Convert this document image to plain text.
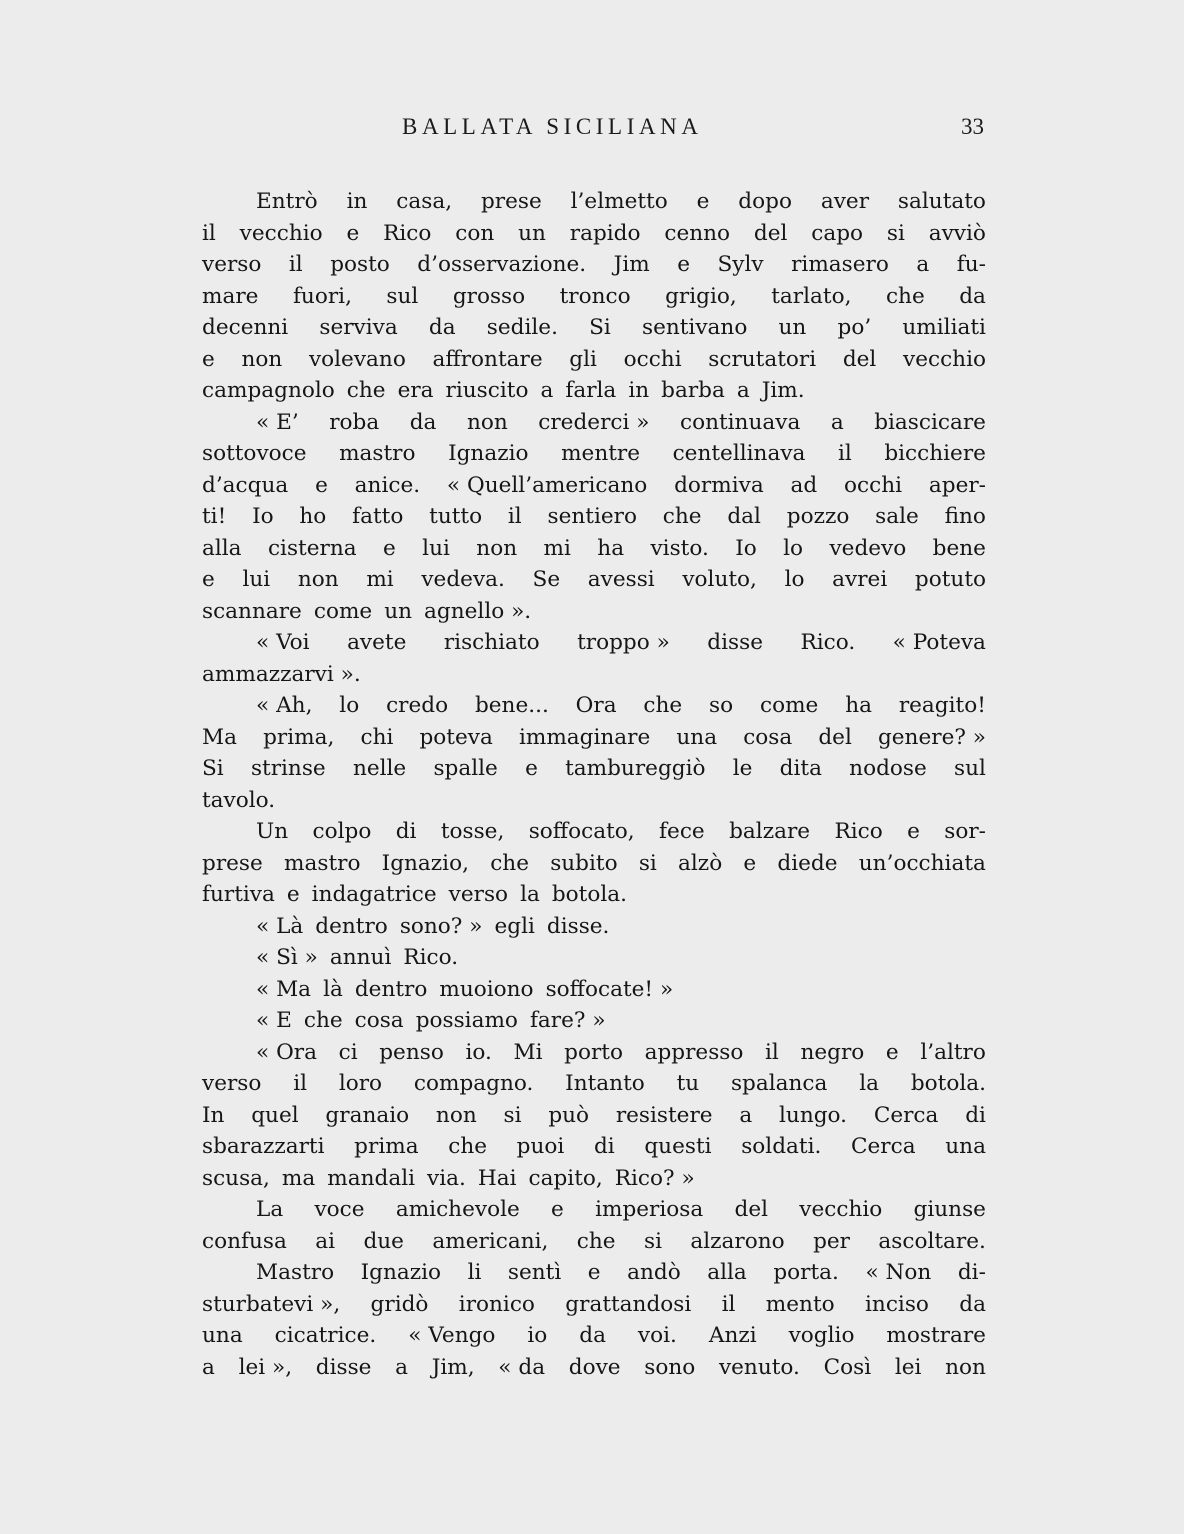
BALLATA SICILIANA	33
Entrò in casa, prese l’elmetto e dopo aver salutato
il vecchio e Rico con un rapido cenno del capo si avviò
verso il posto d’osservazione. Jim e Sylv rimasero a fu-
mare fuori, sul grosso tronco grigio, tarlato, che da
decenni serviva da sedile. Si sentivano un po’ umiliati
e non volevano affrontare gli occhi scrutatori del vecchio
campagnolo che era riuscito a farla in barba a Jim.
« E’ roba da non crederci » continuava a biascicare
sottovoce mastro Ignazio mentre centellinava il bicchiere
d’acqua e anice. « Quell’americano dormiva ad occhi aper-
ti! Io ho fatto tutto il sentiero che dal pozzo sale fino
alla cisterna e lui non mi ha visto. Io lo vedevo bene
e lui non mi vedeva. Se avessi voluto, lo avrei potuto
scannare come un agnello ».
« Voi avete rischiato troppo » disse Rico. « Poteva
ammazzarvi ».
« Ah, lo credo bene... Ora che so come ha reagito!
Ma prima, chi poteva immaginare una cosa del genere? »
Si strinse nelle spalle e tambureggiò le dita nodose sul
tavolo.
Un colpo di tosse, soffocato, fece balzare Rico e sor-
prese mastro Ignazio, che subito si alzò e diede un’occhiata
furtiva e indagatrice verso la botola.
« Là dentro sono? » egli disse.
« Sì » annuì Rico.
« Ma là dentro muoiono soffocate! »
« E che cosa possiamo fare? »
« Ora ci penso io. Mi porto appresso il negro e l’altro
verso il loro compagno. Intanto tu spalanca la botola.
In quel granaio non si può resistere a lungo. Cerca di
sbarazzarti prima che puoi di questi soldati. Cerca una
scusa, ma mandali via. Hai capito, Rico? »
La voce amichevole e imperiosa del vecchio giunse
confusa ai due americani, che si alzarono per ascoltare.
Mastro Ignazio li sentì e andò alla porta. « Non di-
sturbatevi », gridò ironico grattandosi il mento inciso da
una cicatrice. « Vengo io da voi. Anzi voglio mostrare
a lei », disse a Jim, « da dove sono venuto. Così lei non
